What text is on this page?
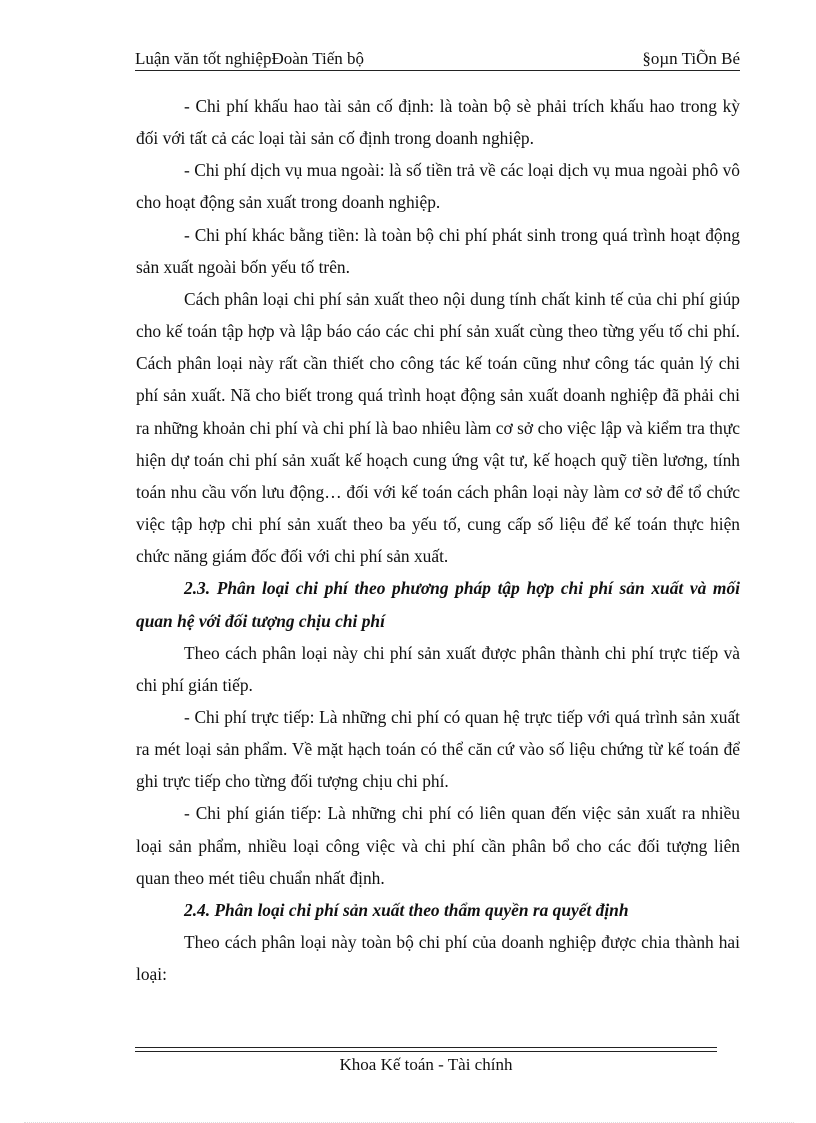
Luận văn tốt nghiệpĐoàn Tiến bộ	§oµn TiÕn Bé

- Chi phí khấu hao tài sản cố định: là toàn bộ sè phải trích khấu hao trong kỳ đối với tất cả các loại tài sản cố định trong doanh nghiệp.

- Chi phí dịch vụ mua ngoài: là số tiền trả về các loại dịch vụ mua ngoài phô vô cho hoạt động sản xuất trong doanh nghiệp.

- Chi phí khác bằng tiền: là toàn bộ chi phí phát sinh trong quá trình hoạt động sản xuất ngoài bốn yếu tố trên.

Cách phân loại chi phí sản xuất theo nội dung tính chất kinh tế của chi phí giúp cho kế toán tập hợp và lập báo cáo các chi phí sản xuất cùng theo từng yếu tố chi phí. Cách phân loại này rất cần thiết cho công tác kế toán cũng như công tác quản lý chi phí sản xuất. Nã cho biết trong quá trình hoạt động sản xuất doanh nghiệp đã phải chi ra những khoản chi phí và chi phí là bao nhiêu làm cơ sở cho việc lập và kiểm tra thực hiện dự toán chi phí sản xuất kế hoạch cung ứng vật tư, kế hoạch quỹ tiền lương, tính toán nhu cầu vốn lưu động… đối với kế toán cách phân loại này làm cơ sở để tổ chức việc tập hợp chi phí sản xuất theo ba yếu tố, cung cấp số liệu để kế toán thực hiện chức năng giám đốc đối với chi phí sản xuất.

2.3. Phân loại chi phí theo phương pháp tập hợp chi phí sản xuất và mối quan hệ với đối tượng chịu chi phí

Theo cách phân loại này chi phí sản xuất được phân thành chi phí trực tiếp và chi phí gián tiếp.

- Chi phí trực tiếp: Là những chi phí có quan hệ trực tiếp với quá trình sản xuất ra mét loại sản phẩm. Về mặt hạch toán có thể căn cứ vào số liệu chứng từ kế toán để ghi trực tiếp cho từng đối tượng chịu chi phí.

- Chi phí gián tiếp: Là những chi phí có liên quan đến việc sản xuất ra nhiều loại sản phẩm, nhiều loại công việc và chi phí cần phân bổ cho các đối tượng liên quan theo mét tiêu chuẩn nhất định.

2.4. Phân loại chi phí sản xuất theo thẩm quyền ra quyết định

Theo cách phân loại này toàn bộ chi phí của doanh nghiệp được chia thành hai loại:

Khoa Kế toán - Tài chính
